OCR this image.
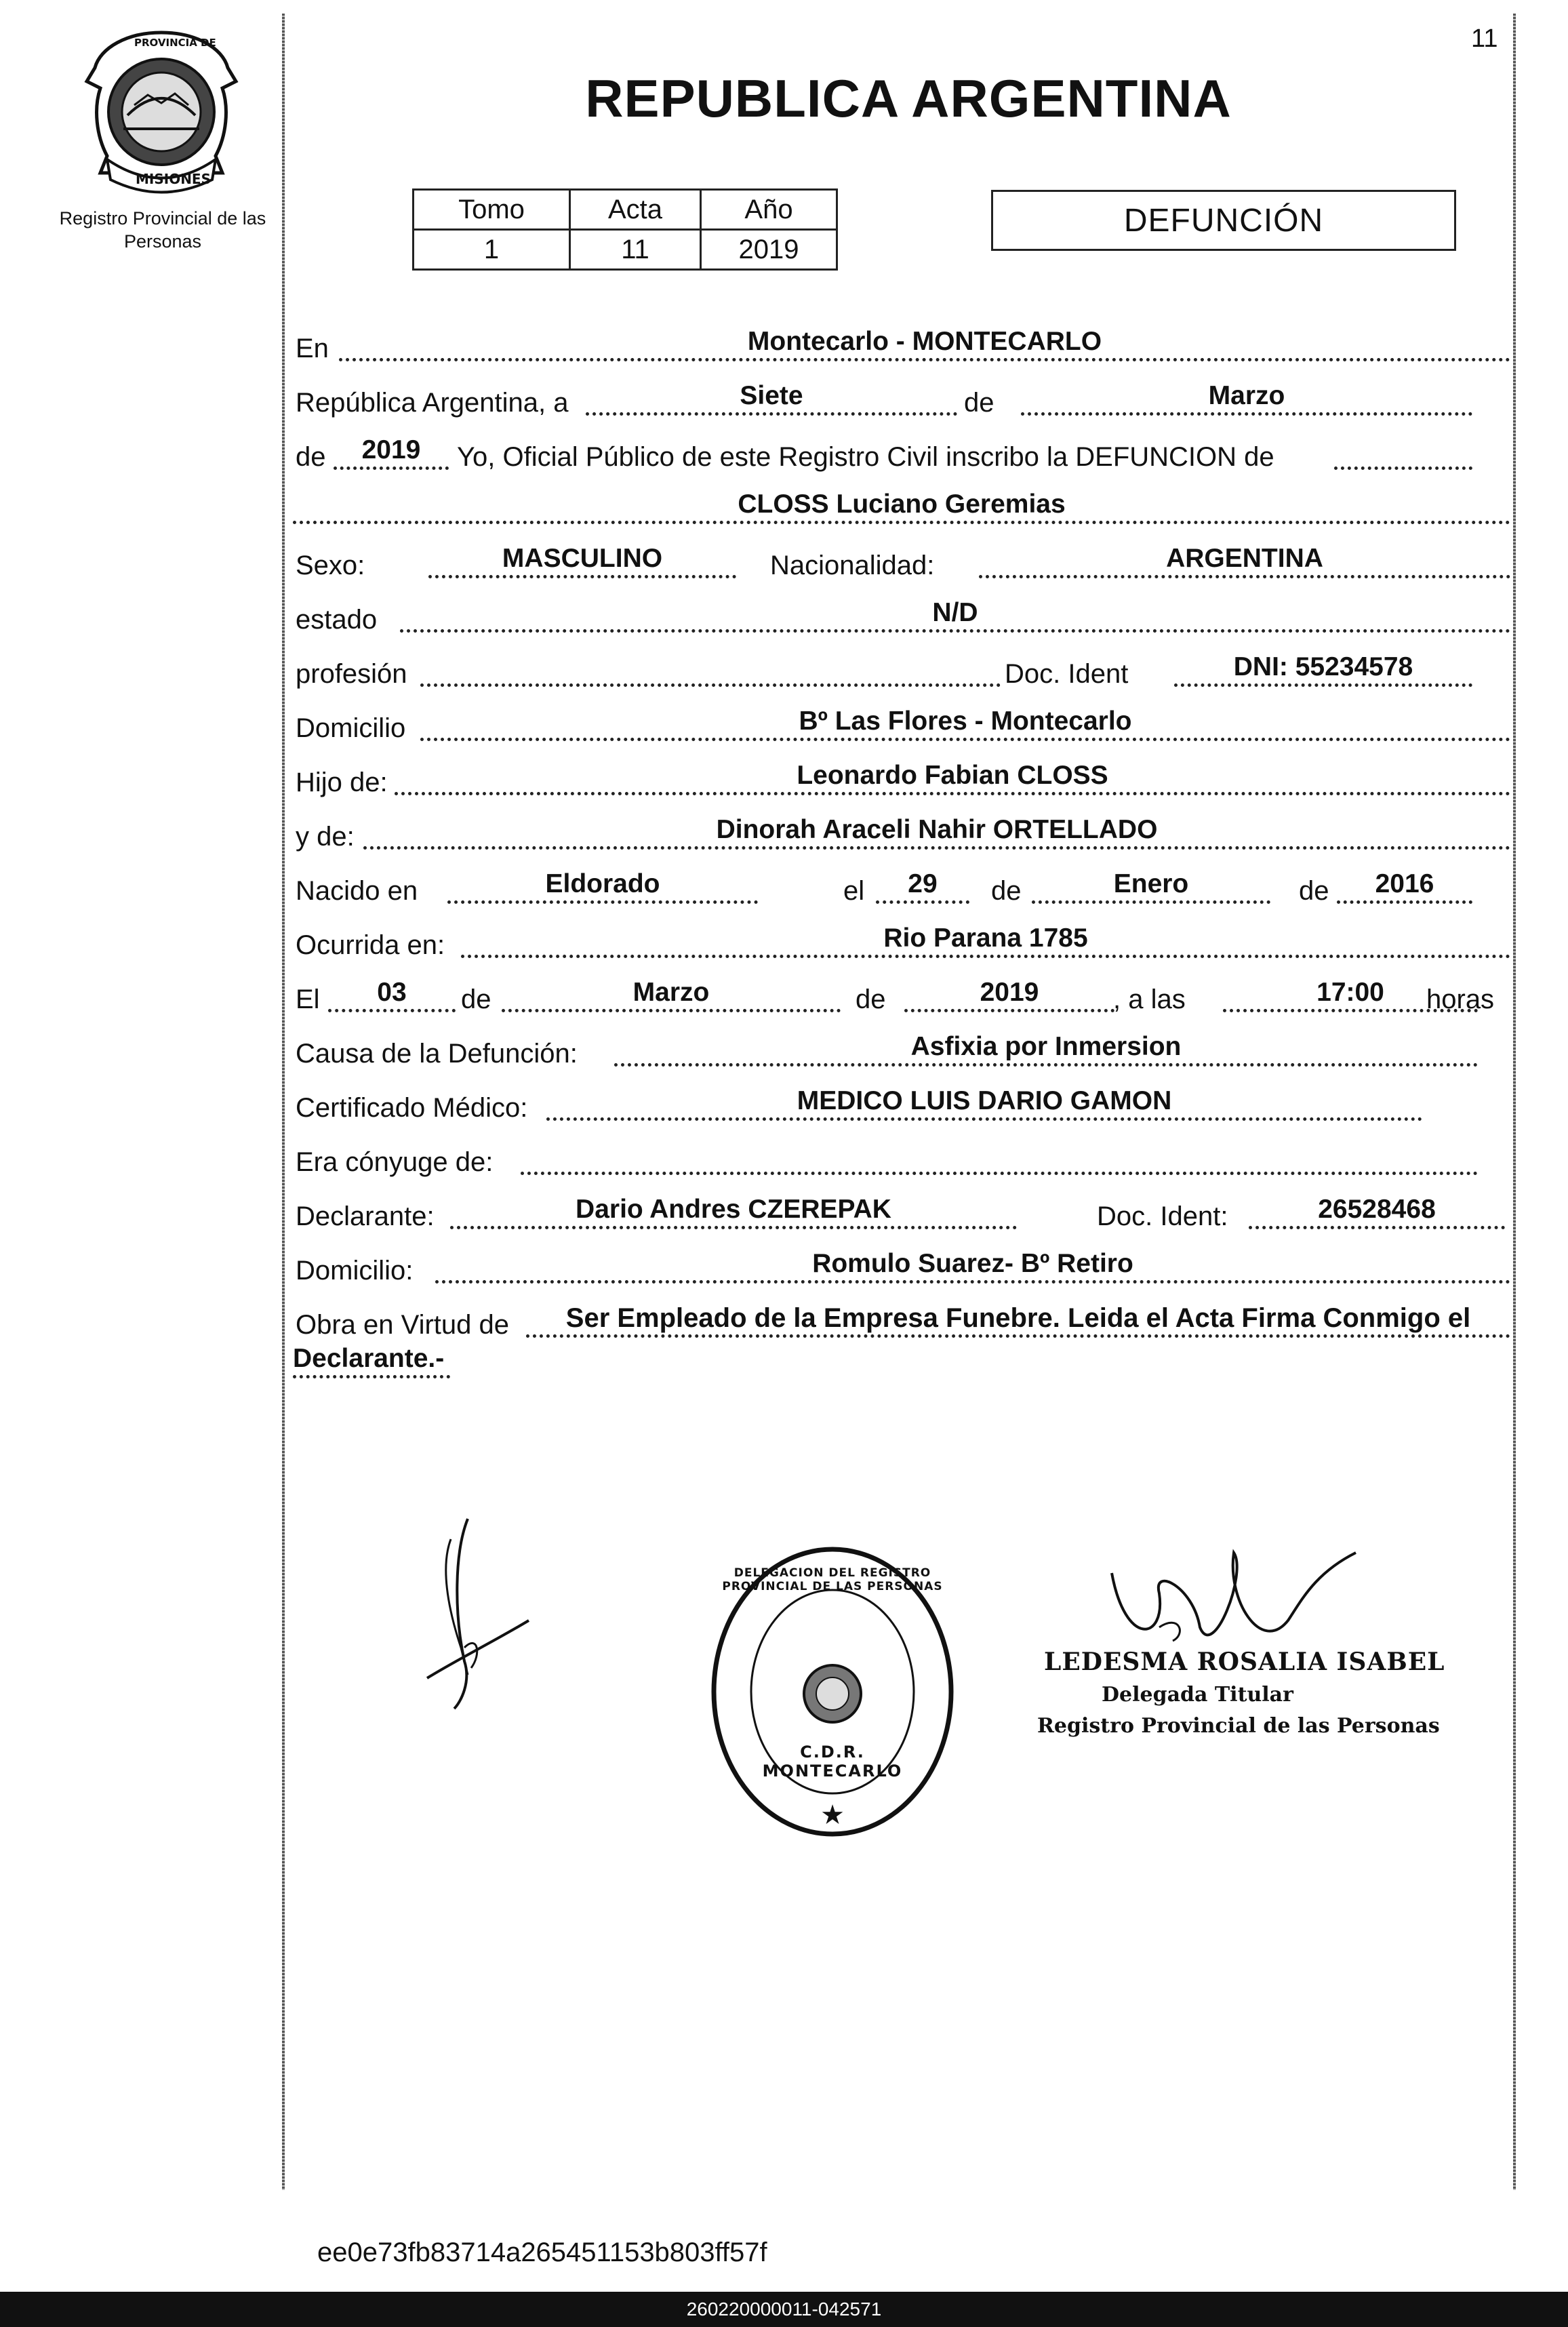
PROVINCIA DE
MISIONES
Registro Provincial de las Personas
11
REPUBLICA ARGENTINA
Tomo	Acta	Año
1	11	2019
DEFUNCIÓN
En	Montecarlo - MONTECARLO
República Argentina, a	Siete	de	Marzo
de	2019	Yo, Oficial Público de este Registro Civil inscribo la DEFUNCION de
CLOSS Luciano Geremias
Sexo:	MASCULINO	Nacionalidad:	ARGENTINA
estado	N/D
profesión	Doc. Ident	DNI: 55234578
Domicilio	Bº Las Flores - Montecarlo
Hijo de:	Leonardo Fabian CLOSS
y de:	Dinorah Araceli Nahir ORTELLADO
Nacido en	Eldorado	el	29	de	Enero	de	2016
Ocurrida en:	Rio Parana 1785
El	03	de	Marzo	de	2019	, a las	17:00	horas
Causa de la Defunción:	Asfixia por Inmersion
Certificado Médico:	MEDICO LUIS DARIO GAMON
Era cónyuge de:
Declarante:	Dario Andres CZEREPAK	Doc. Ident:	26528468
Domicilio:	Romulo Suarez- Bº Retiro
Obra en Virtud de	Ser Empleado de la Empresa Funebre. Leida el Acta Firma Conmigo el
Declarante.-
★
DELEGACION DEL REGISTRO PROVINCIAL DE LAS PERSONAS
C.D.R. MONTECARLO
LEDESMA ROSALIA ISABEL
Delegada Titular
Registro Provincial de las Personas
ee0e73fb83714a265451153b803ff57f
260220000011-042571
